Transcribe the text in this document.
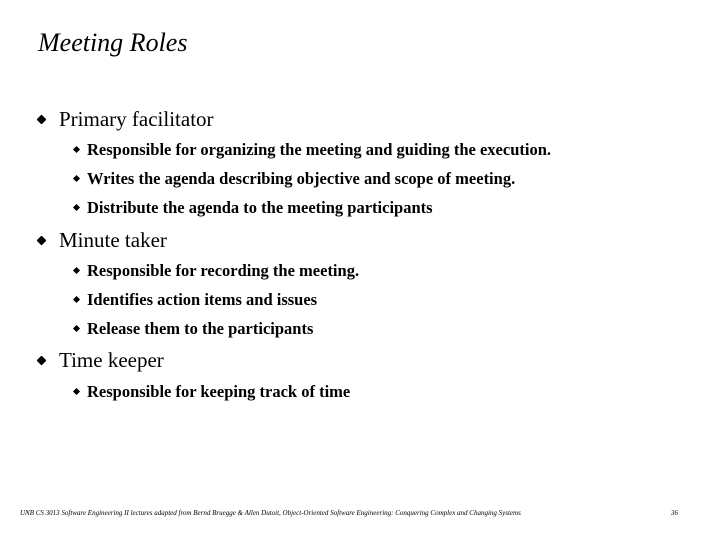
Meeting Roles
Primary facilitator
Responsible for organizing the meeting and guiding the execution.
Writes the agenda describing objective and scope of meeting.
Distribute the agenda to the meeting participants
Minute taker
Responsible for recording the meeting.
Identifies action items and issues
Release them to the participants
Time keeper
Responsible for keeping track of time
UNB CS 3013 Software Engineering II lectures adapted from Bernd Bruegge & Allen Dutoit, Object-Oriented Software Engineering: Conquering Complex and Changing Systems	36
